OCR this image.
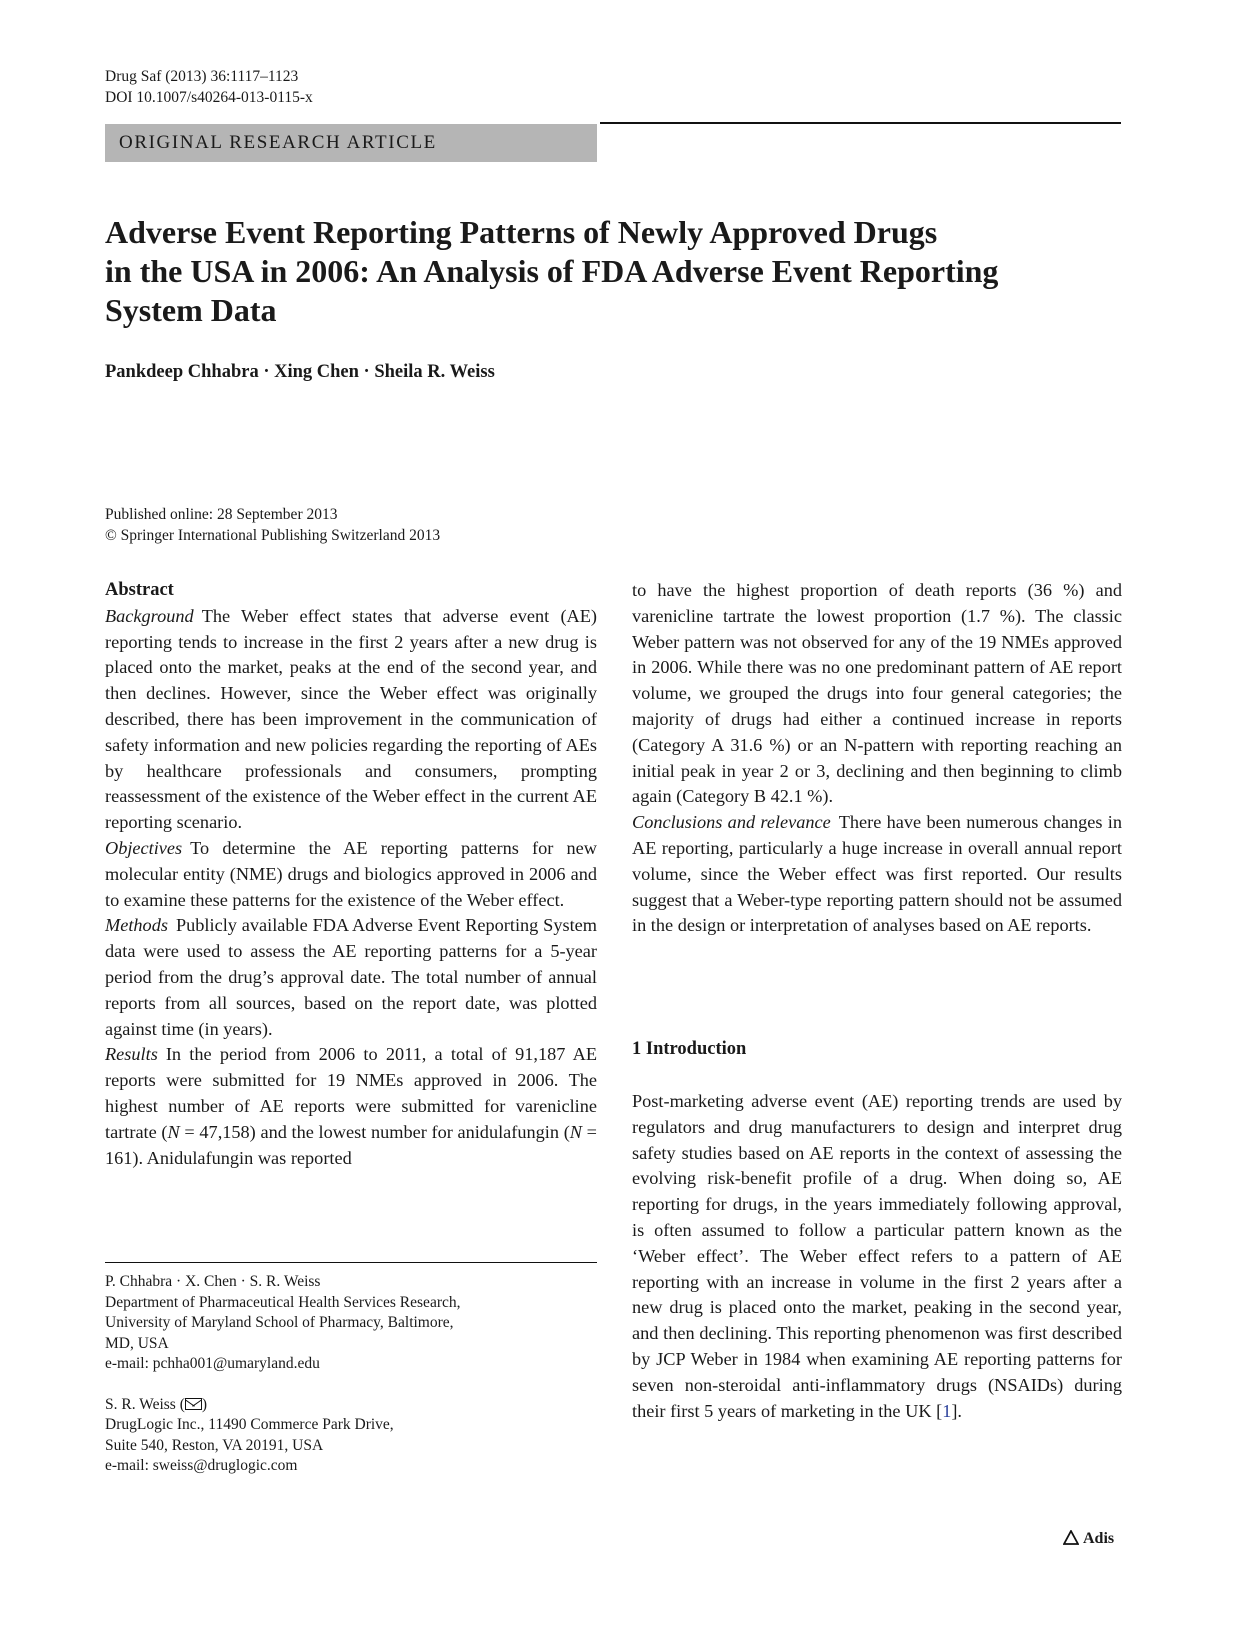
Drug Saf (2013) 36:1117–1123
DOI 10.1007/s40264-013-0115-x
ORIGINAL RESEARCH ARTICLE
Adverse Event Reporting Patterns of Newly Approved Drugs
in the USA in 2006: An Analysis of FDA Adverse Event Reporting
System Data
Pankdeep Chhabra · Xing Chen · Sheila R. Weiss
Published online: 28 September 2013
© Springer International Publishing Switzerland 2013
Abstract

Background The Weber effect states that adverse event (AE) reporting tends to increase in the first 2 years after a new drug is placed onto the market, peaks at the end of the second year, and then declines. However, since the Weber effect was originally described, there has been improvement in the communication of safety information and new policies regarding the reporting of AEs by healthcare professionals and consumers, prompting reassessment of the existence of the Weber effect in the current AE reporting scenario.

Objectives To determine the AE reporting patterns for new molecular entity (NME) drugs and biologics approved in 2006 and to examine these patterns for the existence of the Weber effect.

Methods Publicly available FDA Adverse Event Reporting System data were used to assess the AE reporting patterns for a 5-year period from the drug’s approval date. The total number of annual reports from all sources, based on the report date, was plotted against time (in years).

Results In the period from 2006 to 2011, a total of 91,187 AE reports were submitted for 19 NMEs approved in 2006. The highest number of AE reports were submitted for varenicline tartrate (N = 47,158) and the lowest number for anidulafungin (N = 161). Anidulafungin was reported

to have the highest proportion of death reports (36 %) and varenicline tartrate the lowest proportion (1.7 %). The classic Weber pattern was not observed for any of the 19 NMEs approved in 2006. While there was no one predominant pattern of AE report volume, we grouped the drugs into four general categories; the majority of drugs had either a continued increase in reports (Category A 31.6 %) or an N-pattern with reporting reaching an initial peak in year 2 or 3, declining and then beginning to climb again (Category B 42.1 %).

Conclusions and relevance There have been numerous changes in AE reporting, particularly a huge increase in overall annual report volume, since the Weber effect was first reported. Our results suggest that a Weber-type reporting pattern should not be assumed in the design or interpretation of analyses based on AE reports.

1 Introduction

Post-marketing adverse event (AE) reporting trends are used by regulators and drug manufacturers to design and interpret drug safety studies based on AE reports in the context of assessing the evolving risk-benefit profile of a drug. When doing so, AE reporting for drugs, in the years immediately following approval, is often assumed to follow a particular pattern known as the ‘Weber effect’. The Weber effect refers to a pattern of AE reporting with an increase in volume in the first 2 years after a new drug is placed onto the market, peaking in the second year, and then declining. This reporting phenomenon was first described by JCP Weber in 1984 when examining AE reporting patterns for seven non-steroidal anti-inflammatory drugs (NSAIDs) during their first 5 years of marketing in the UK [1].

P. Chhabra · X. Chen · S. R. Weiss

Department of Pharmaceutical Health Services Research,

University of Maryland School of Pharmacy, Baltimore,

MD, USA

e-mail: pchha001@umaryland.edu

S. R. Weiss ( )

DrugLogic Inc., 11490 Commerce Park Drive,

Suite 540, Reston, VA 20191, USA

e-mail: sweiss@druglogic.com

Adis
